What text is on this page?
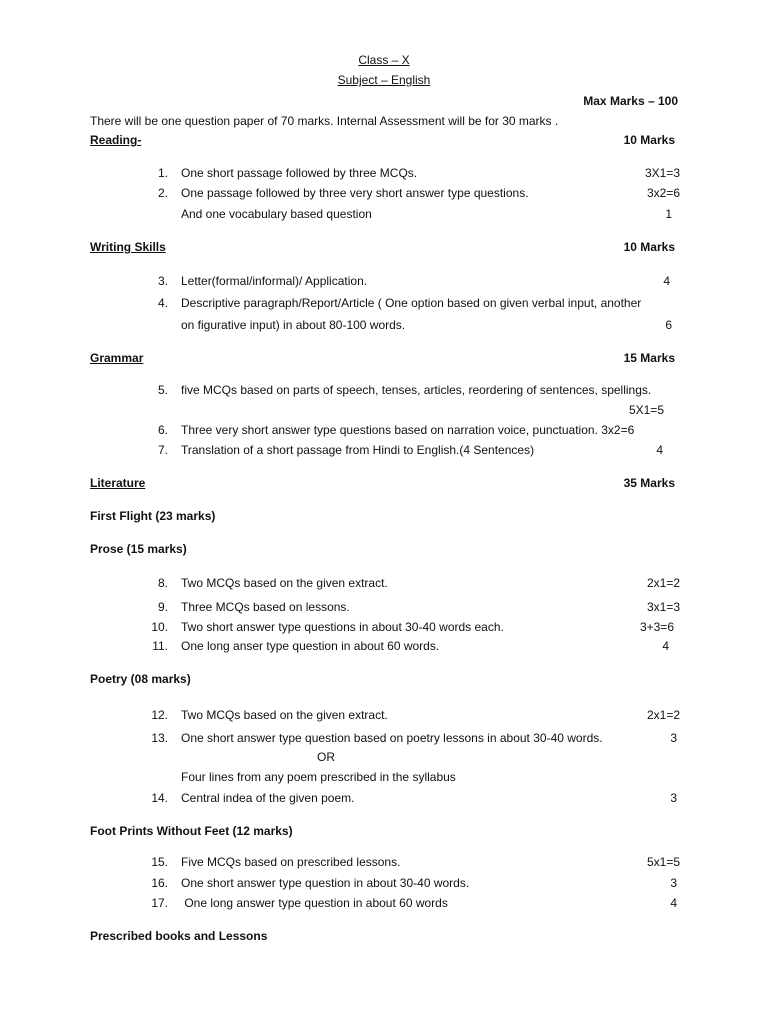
Class – X
Subject – English
Max Marks – 100
There will be one question paper of 70 marks. Internal Assessment will be for 30 marks .
Reading-	10 Marks
1. One short passage followed by three MCQs.	3X1=3
2. One passage followed by three very short answer type questions.	3x2=6
And one vocabulary based question	1
Writing Skills	10 Marks
3. Letter(formal/informal)/ Application.	4
4. Descriptive paragraph/Report/Article ( One option based on given verbal input, another
on figurative input) in about 80-100 words.	6
Grammar	15 Marks
5. five MCQs based on parts of speech, tenses, articles, reordering of sentences, spellings.
5X1=5
6. Three very short answer type questions based on narration voice, punctuation. 3x2=6
7. Translation of a short passage from Hindi to English.(4 Sentences)	4
Literature	35 Marks
First Flight (23 marks)
Prose (15 marks)
8. Two MCQs based on the given extract.	2x1=2
9. Three MCQs based on lessons.	3x1=3
10. Two short answer type questions in about 30-40 words each.	3+3=6
11. One long anser type question in about 60 words.	4
Poetry (08 marks)
12. Two MCQs based on the given extract.	2x1=2
13. One short answer type question based on poetry lessons in about 30-40 words.	3
OR
Four lines from any poem prescribed in the syllabus
14. Central indea of the given poem.	3
Foot Prints Without Feet (12 marks)
15. Five MCQs based on prescribed lessons.	5x1=5
16. One short answer type question in about 30-40 words.	3
17. One long answer type question in about 60 words	4
Prescribed books and Lessons
